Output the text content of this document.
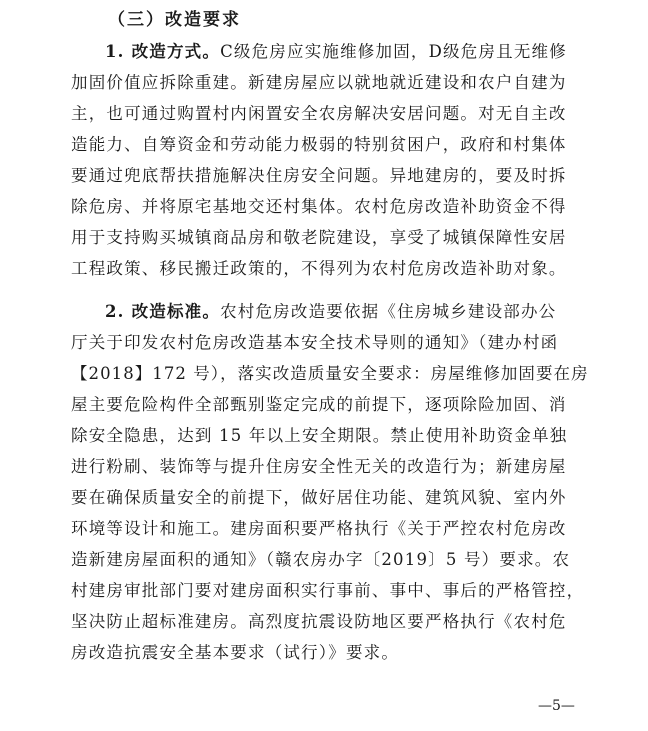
（三）改造要求
1. 改造方式。C级危房应实施维修加固，D级危房且无维修
加固价值应拆除重建。新建房屋应以就地就近建设和农户自建为
主，也可通过购置村内闲置安全农房解决安居问题。对无自主改
造能力、自筹资金和劳动能力极弱的特别贫困户，政府和村集体
要通过兜底帮扶措施解决住房安全问题。异地建房的，要及时拆
除危房、并将原宅基地交还村集体。农村危房改造补助资金不得
用于支持购买城镇商品房和敬老院建设，享受了城镇保障性安居
工程政策、移民搬迁政策的，不得列为农村危房改造补助对象。
2. 改造标准。农村危房改造要依据《住房城乡建设部办公
厅关于印发农村危房改造基本安全技术导则的通知》（建办村函
【2018】172 号），落实改造质量安全要求：房屋维修加固要在房
屋主要危险构件全部甄别鉴定完成的前提下，逐项除险加固、消
除安全隐患，达到 15 年以上安全期限。禁止使用补助资金单独
进行粉刷、装饰等与提升住房安全性无关的改造行为；新建房屋
要在确保质量安全的前提下，做好居住功能、建筑风貌、室内外
环境等设计和施工。建房面积要严格执行《关于严控农村危房改
造新建房屋面积的通知》（赣农房办字〔2019〕5 号）要求。农
村建房审批部门要对建房面积实行事前、事中、事后的严格管控，
坚决防止超标准建房。高烈度抗震设防地区要严格执行《农村危
房改造抗震安全基本要求（试行）》要求。
—5—
